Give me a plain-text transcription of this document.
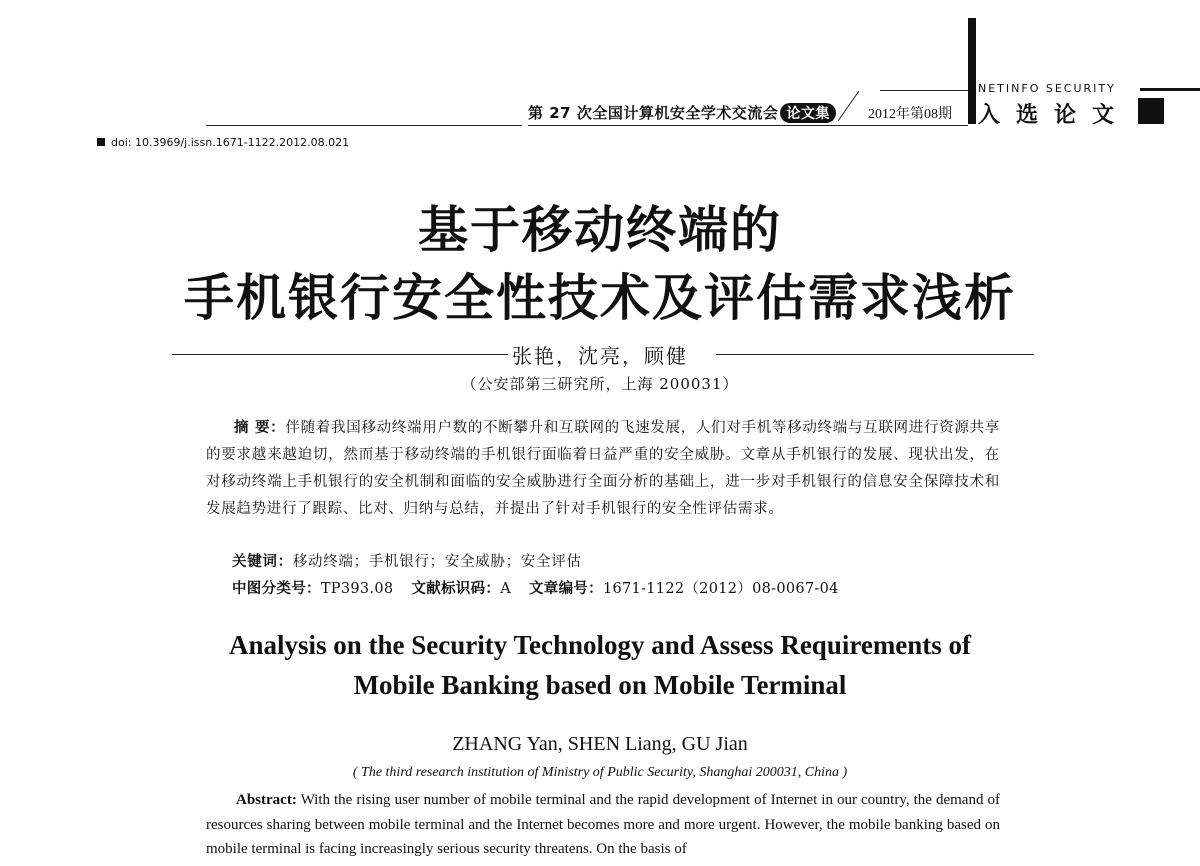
第 27 次全国计算机安全学术交流会 论文集	2012年第08期
NETINFO SECURITY
入选论文
doi: 10.3969/j.issn.1671-1122.2012.08.021
基于移动终端的
手机银行安全性技术及评估需求浅析
张艳，沈亮，顾健
（公安部第三研究所，上海 200031）
摘 要：伴随着我国移动终端用户数的不断攀升和互联网的飞速发展，人们对手机等移动终端与互联网进行资源共享的要求越来越迫切，然而基于移动终端的手机银行面临着日益严重的安全威胁。文章从手机银行的发展、现状出发，在对移动终端上手机银行的安全机制和面临的安全威胁进行全面分析的基础上，进一步对手机银行的信息安全保障技术和发展趋势进行了跟踪、比对、归纳与总结，并提出了针对手机银行的安全性评估需求。
关键词：移动终端；手机银行；安全威胁；安全评估
中图分类号：TP393.08 文献标识码：A 文章编号：1671-1122（2012）08-0067-04
Analysis on the Security Technology and Assess Requirements of
Mobile Banking based on Mobile Terminal
ZHANG Yan, SHEN Liang, GU Jian
( The third research institution of Ministry of Public Security, Shanghai 200031, China )
Abstract: With the rising user number of mobile terminal and the rapid development of Internet in our country, the demand of resources sharing between mobile terminal and the Internet becomes more and more urgent. However, the mobile banking based on mobile terminal is facing increasingly serious security threatens. On the basis of
